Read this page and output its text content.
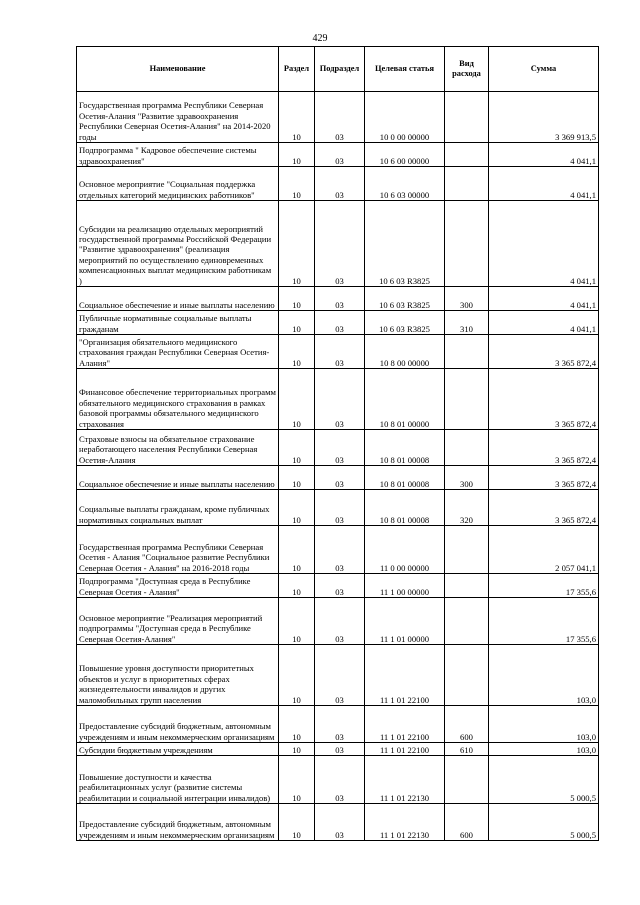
429
Наименование	Раздел	Подраздел	Целевая статья	Вид расхода	Сумма
Государственная программа Республики Северная Осетия-Алания "Развитие здравоохранения Республики Северная Осетия-Алания" на 2014-2020 годы	10	03	10 0 00 00000		3 369 913,5
Подпрограмма " Кадровое обеспечение системы здравоохранения"	10	03	10 6 00 00000		4 041,1
Основное мероприятие "Социальная поддержка отдельных категорий медицинских работников"	10	03	10 6 03 00000		4 041,1
Субсидии на реализацию отдельных мероприятий государственной программы Российской Федерации "Развитие здравоохранения" (реализация мероприятий по осуществлению единовременных компенсационных выплат медицинским работникам )	10	03	10 6 03 R3825		4 041,1
Социальное обеспечение и иные выплаты населению	10	03	10 6 03 R3825	300	4 041,1
Публичные нормативные социальные выплаты гражданам	10	03	10 6 03 R3825	310	4 041,1
"Организация обязательного медицинского страхования граждан Республики Северная Осетия-Алания"	10	03	10 8 00 00000		3 365 872,4
Финансовое обеспечение территориальных программ обязательного медицинского страхования в рамках базовой программы обязательного медицинского страхования	10	03	10 8 01 00000		3 365 872,4
Страховые взносы на обязательное страхование неработающего населения Республики Северная Осетия-Алания	10	03	10 8 01 00008		3 365 872,4
Социальное обеспечение и иные выплаты населению	10	03	10 8 01 00008	300	3 365 872,4
Социальные выплаты гражданам, кроме публичных нормативных социальных выплат	10	03	10 8 01 00008	320	3 365 872,4
Государственная программа Республики Северная Осетия - Алания "Социальное развитие Республики Северная Осетия - Алания" на 2016-2018 годы	10	03	11 0 00 00000		2 057 041,1
Подпрограмма "Доступная среда в Республике Северная Осетия - Алания"	10	03	11 1 00 00000		17 355,6
Основное мероприятие "Реализация мероприятий подпрограммы "Доступная среда в Республике Северная Осетия-Алания"	10	03	11 1 01 00000		17 355,6
Повышение уровня доступности приоритетных объектов и услуг в приоритетных сферах жизнедеятельности инвалидов и других маломобильных групп населения	10	03	11 1 01 22100		103,0
Предоставление субсидий бюджетным, автономным учреждениям и иным некоммерческим организациям	10	03	11 1 01 22100	600	103,0
Субсидии бюджетным учреждениям	10	03	11 1 01 22100	610	103,0
Повышение доступности и качества реабилитационных услуг (развитие системы реабилитации и социальной интеграции инвалидов)	10	03	11 1 01 22130		5 000,5
Предоставление субсидий бюджетным, автономным учреждениям и иным некоммерческим организациям	10	03	11 1 01 22130	600	5 000,5
